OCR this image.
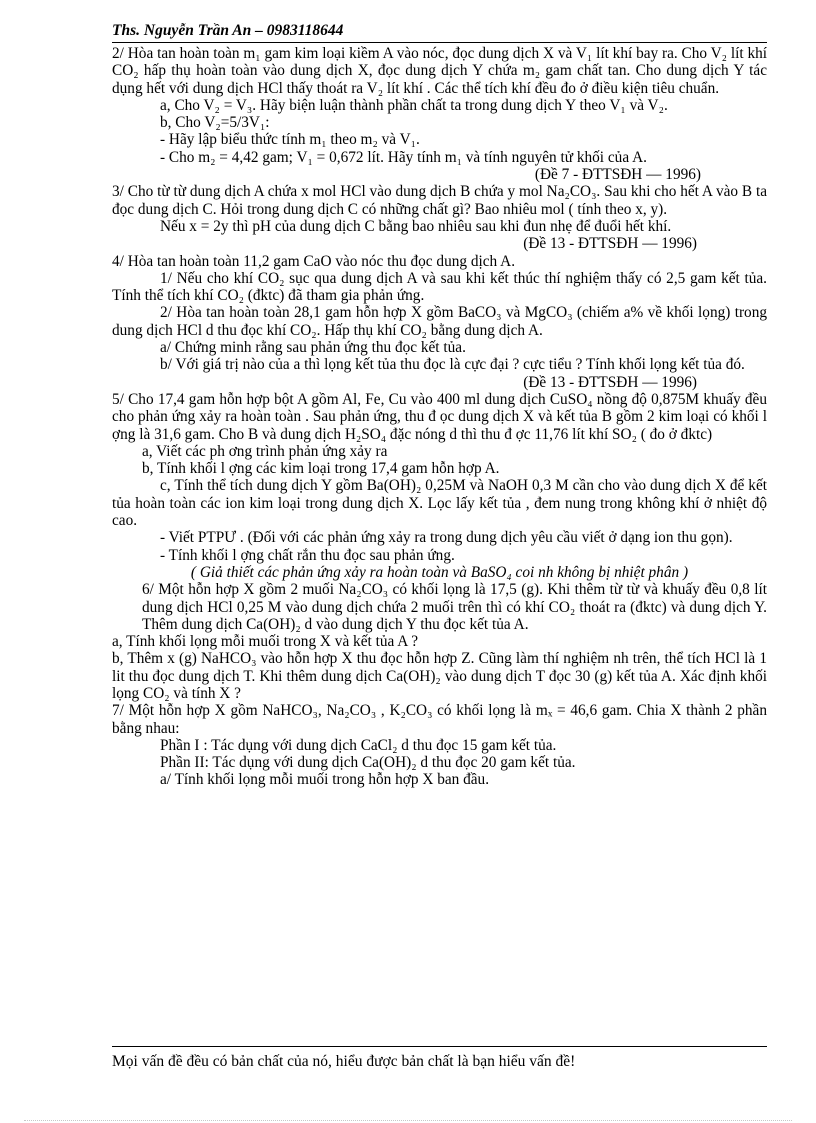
Ths. Nguyễn Trần An – 0983118644

2/ Hòa tan hoàn toàn m₁ gam kim loại kiềm A vào nóc, đọc dung dịch X và V₁ lít khí bay ra. Cho V₂ lít khí CO₂ hấp thụ hoàn toàn vào dung dịch X, đọc dung dịch Y chứa m₂ gam chất tan. Cho dung dịch Y tác dụng hết với dung dịch HCl thấy thoát ra V₂ lít khí . Các thể tích khí đều đo ở điều kiện tiêu chuẩn.

a, Cho V₂ = V₃. Hãy biện luận thành phần chất ta trong dung dịch Y theo V₁ và V₂.

b, Cho V₂=5/3V₁:

- Hãy lập biểu thức tính m₁ theo m₂ và V₁.

- Cho m₂ = 4,42 gam; V₁ = 0,672 lít. Hãy tính m₁ và tính nguyên tử khối của A.

(Đề 7 - ĐTTSĐH — 1996)

3/ Cho từ từ dung dịch A chứa x mol HCl vào dung dịch B chứa y mol Na₂CO₃. Sau khi cho hết A vào B ta đọc dung dịch C. Hỏi trong dung dịch C có những chất gì? Bao nhiêu mol ( tính theo x, y).

Nếu x = 2y thì pH của dung dịch C bằng bao nhiêu sau khi đun nhẹ để đuổi hết khí.

(Đề 13 - ĐTTSĐH — 1996)

4/ Hòa tan hoàn toàn 11,2 gam CaO vào nóc thu đọc dung dịch A.

1/ Nếu cho khí CO₂ sục qua dung dịch A và sau khi kết thúc thí nghiệm thấy có 2,5 gam kết tủa. Tính thể tích khí CO₂ (đktc) đã tham gia phản ứng.

2/ Hòa tan hoàn toàn 28,1 gam hỗn hợp X gồm BaCO₃ và MgCO₃ (chiếm a% về khối lọng) trong dung dịch HCl d thu đọc khí CO₂. Hấp thụ khí CO₂ bằng dung dịch A.

a/ Chứng minh rằng sau phản ứng thu đọc kết tủa.

b/ Với giá trị nào của a thì lọng kết tủa thu đọc là cực đại ? cực tiểu ? Tính khối lọng kết tủa đó.

(Đề 13 - ĐTTSĐH — 1996)

5/ Cho 17,4 gam hỗn hợp bột A gồm Al, Fe, Cu vào 400 ml dung dịch CuSO₄ nồng độ 0,875M khuấy đều cho phản ứng xảy ra hoàn toàn . Sau phản ứng, thu đ ọc dung dịch X và kết tủa B gồm 2 kim loại có khối l ợng là 31,6 gam. Cho B và dung dịch H₂SO₄ đặc nóng d thì thu đ ợc 11,76 lít khí SO₂ ( đo ở đktc)

a, Viết các ph ơng trình phản ứng xảy ra

b, Tính khối l ợng các kim loại trong 17,4 gam hỗn hợp A.

c, Tính thể tích dung dịch Y gồm Ba(OH)₂ 0,25M và NaOH 0,3 M cần cho vào dung dịch X để kết tủa hoàn toàn các ion kim loại trong dung dịch X. Lọc lấy kết tủa , đem nung trong không khí ở nhiệt độ cao.

- Viết PTPƯ . (Đối với các phản ứng xảy ra trong dung dịch yêu cầu viết ở dạng ion thu gọn).

- Tính khối l ợng chất rắn thu đọc sau phản ứng.

( Giả thiết các phản ứng xảy ra hoàn toàn và BaSO₄ coi nh không bị nhiệt phân )

6/ Một hỗn hợp X gồm 2 muối Na₂CO₃ có khối lọng là 17,5 (g). Khi thêm từ từ và khuấy đều 0,8 lít dung dịch HCl 0,25 M vào dung dịch chứa 2 muối trên thì có khí CO₂ thoát ra (đktc) và dung dịch Y. Thêm dung dịch Ca(OH)₂ d vào dung dịch Y thu đọc kết tủa A.

a, Tính khối lọng mỗi muối trong X và kết tủa A ?

b, Thêm x (g) NaHCO₃ vào hỗn hợp X thu đọc hỗn hợp Z. Cũng làm thí nghiệm nh trên, thể tích HCl là 1 lit thu đọc dung dịch T. Khi thêm dung dịch Ca(OH)₂ vào dung dịch T đọc 30 (g) kết tủa A. Xác định khối lọng CO₂ và tính X ?

7/ Một hỗn hợp X gồm NaHCO₃, Na₂CO₃ , K₂CO₃ có khối lọng là mₓ = 46,6 gam. Chia X thành 2 phần bằng nhau:

Phần I : Tác dụng với dung dịch CaCl₂ d thu đọc 15 gam kết tủa.

Phần II: Tác dụng với dung dịch Ca(OH)₂ d thu đọc 20 gam kết tủa.

a/ Tính khối lọng mỗi muối trong hỗn hợp X ban đầu.

Mọi vấn đề đều có bản chất của nó, hiểu được bản chất là bạn hiểu vấn đề!
